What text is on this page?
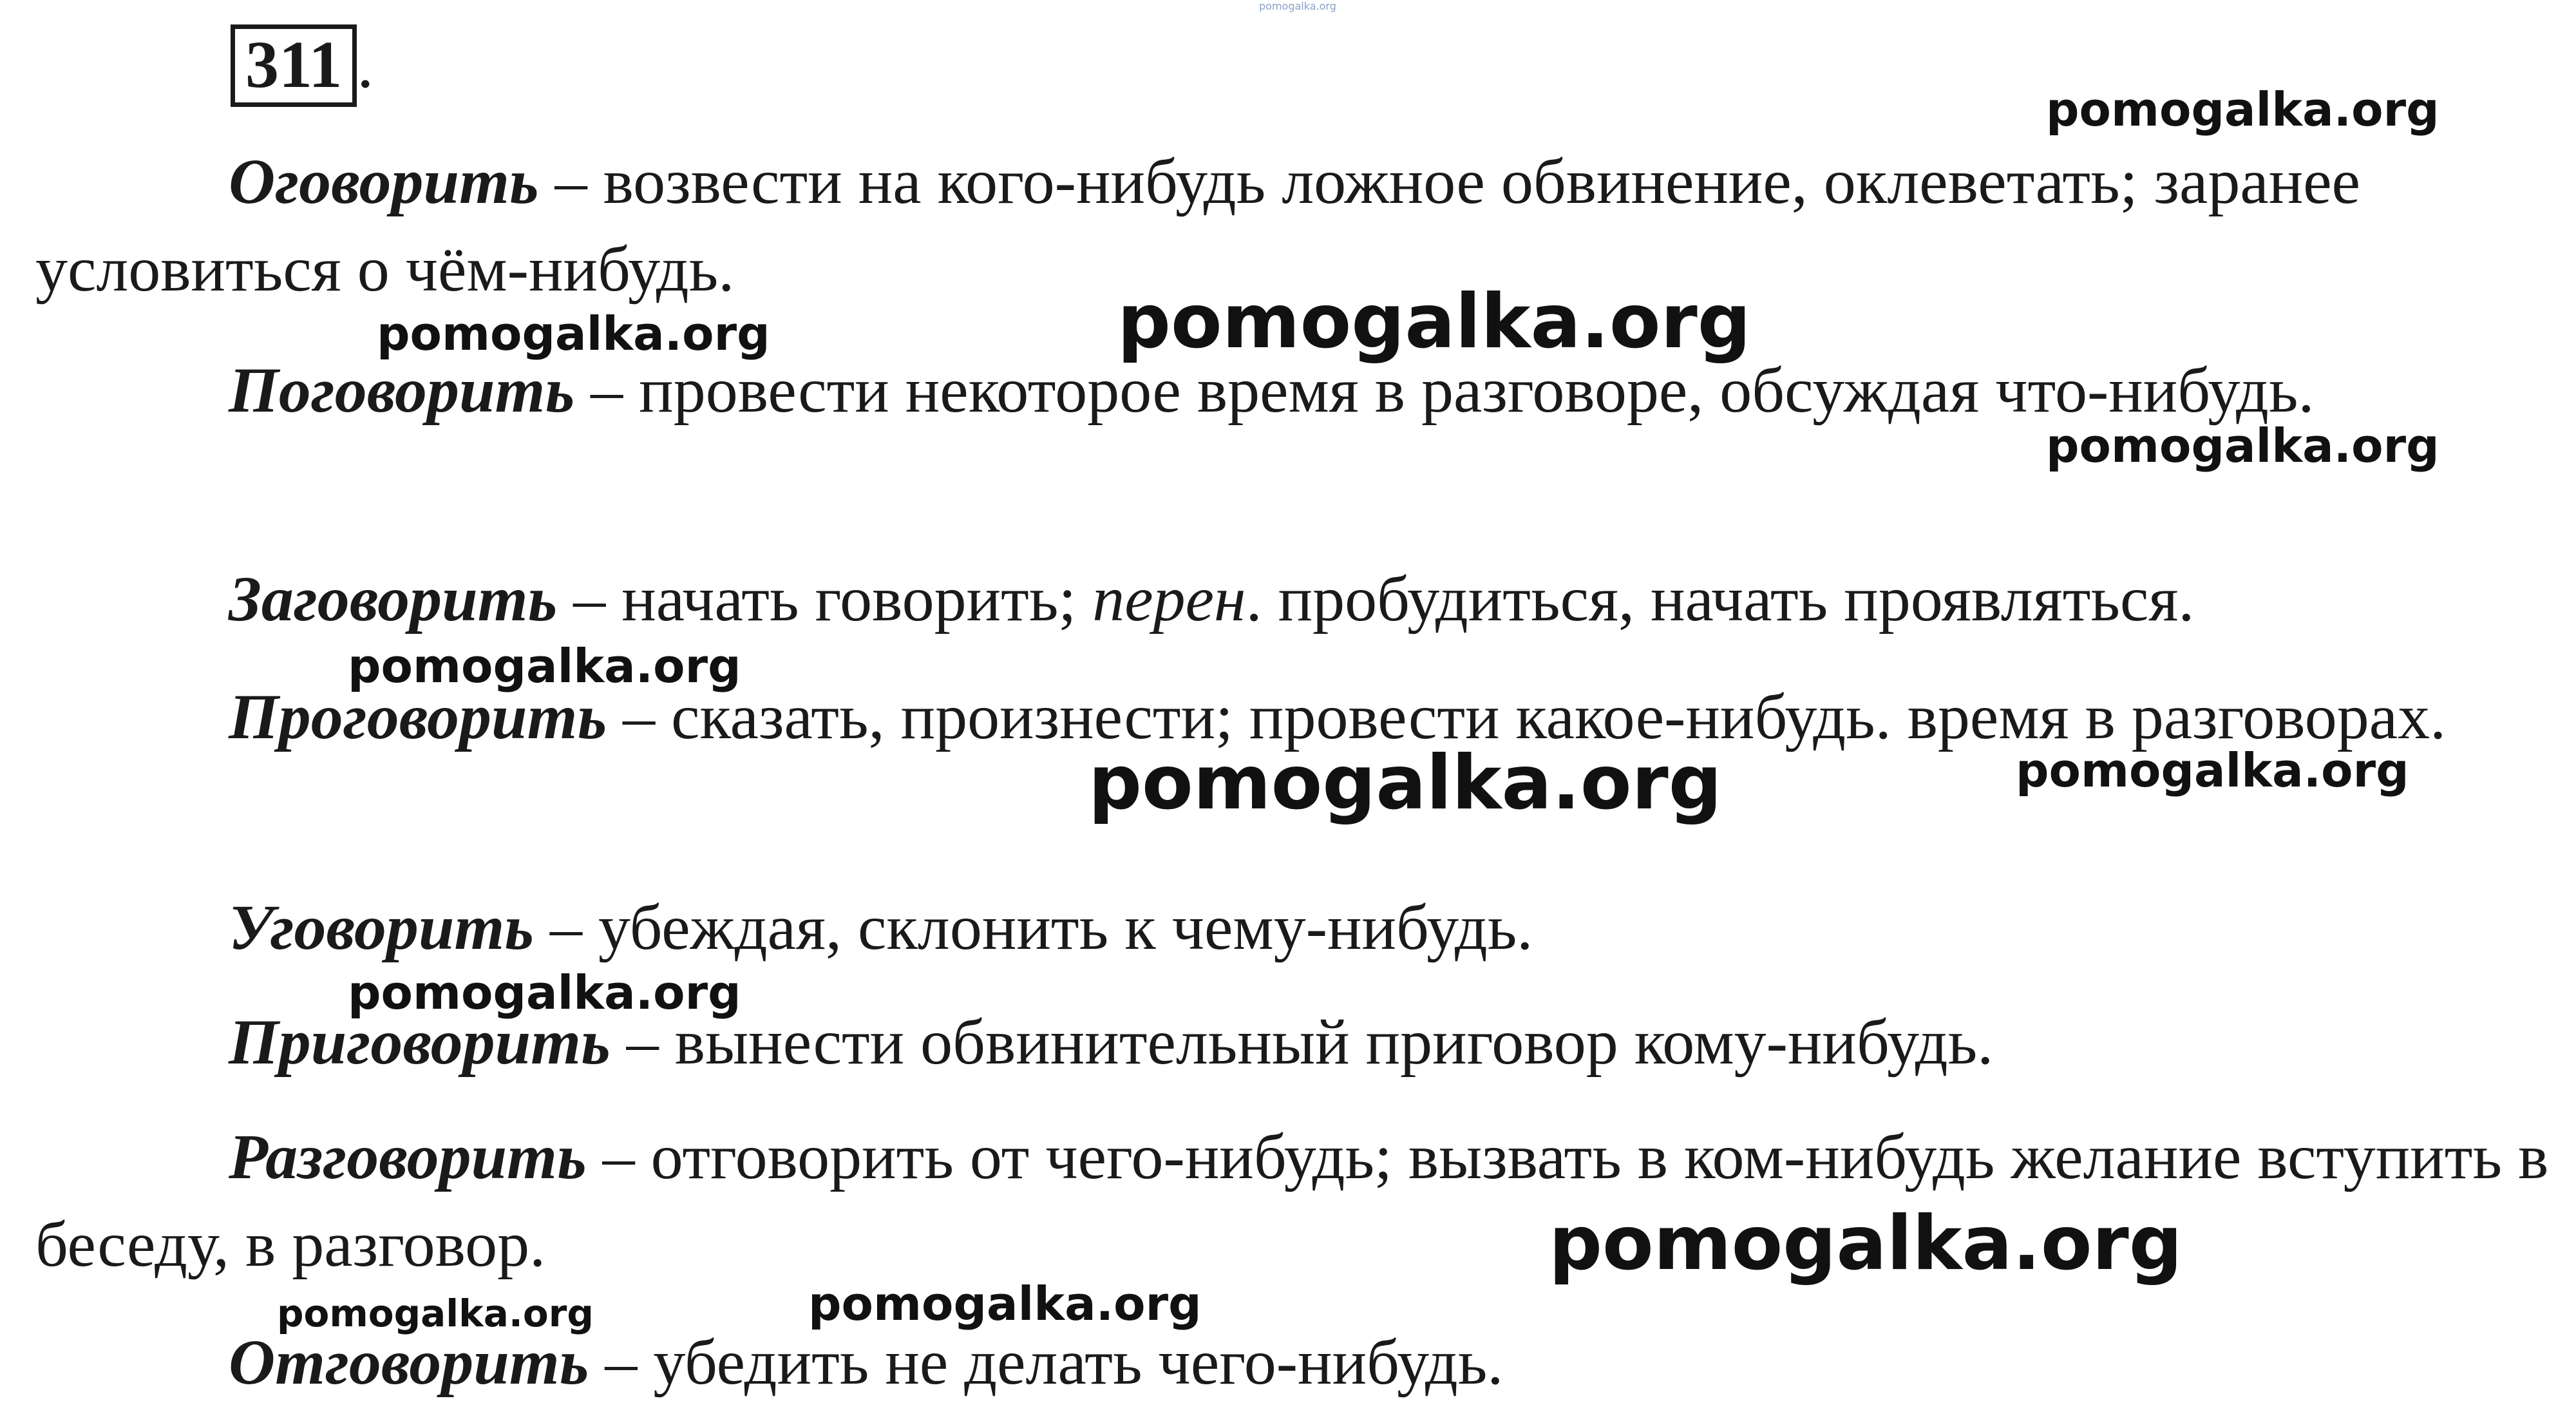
311 .

Оговорить – возвести на кого-нибудь ложное обвинение, оклеветать; заранее условиться о чём-нибудь.

Поговорить – провести некоторое время в разговоре, обсуждая что-нибудь.

Заговорить – начать говорить; перен. пробудиться, начать проявляться.

Проговорить – сказать, произнести; провести какое-нибудь. время в разговорах.

Уговорить – убеждая, склонить к чему-нибудь.

Приговорить – вынести обвинительный приговор кому-нибудь.

Разговорить – отговорить от чего-нибудь; вызвать в ком-нибудь желание вступить в беседу, в разговор.

Отговорить – убедить не делать чего-нибудь.

pomogalka.org
pomogalka.org
pomogalka.org	pomogalka.org
pomogalka.org
pomogalka.org
pomogalka.org	pomogalka.org
pomogalka.org
pomogalka.org
pomogalka.org	pomogalka.org
